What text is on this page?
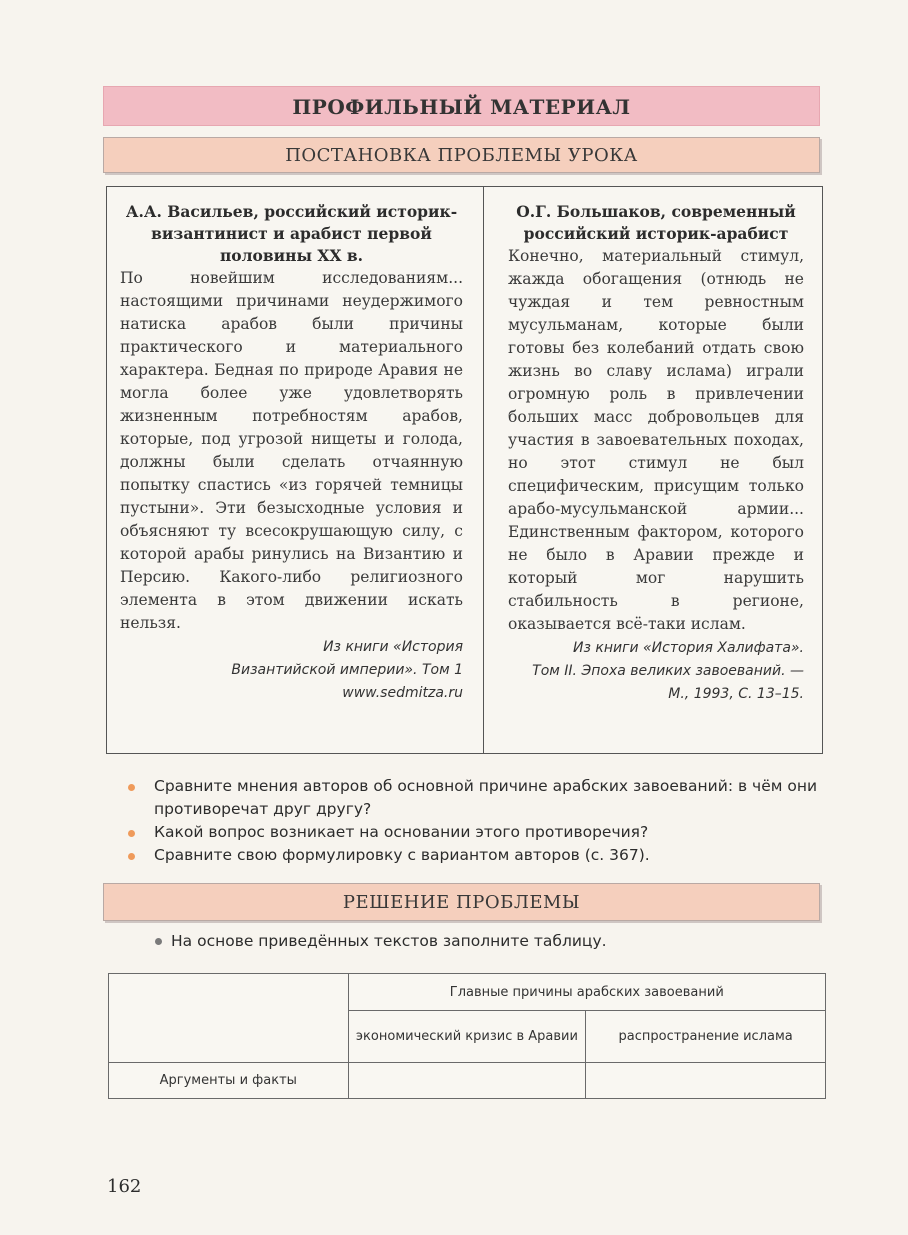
ПРОФИЛЬНЫЙ МАТЕРИАЛ
ПОСТАНОВКА ПРОБЛЕМЫ УРОКА
А.А. Васильев, российский историк-византинист и арабист первой половины XX в.

По новейшим исследованиям... настоящими причинами неудержимого натиска арабов были причины практического и материального характера. Бедная по природе Аравия не могла более уже удовлетворять жизненным потребностям арабов, которые, под угрозой нищеты и голода, должны были сделать отчаянную попытку спастись «из горячей темницы пустыни». Эти безысходные условия и объясняют ту всесокрушающую силу, с которой арабы ринулись на Византию и Персию. Какого-либо религиозного элемента в этом движении искать нельзя.

Из книги «История
Византийской империи». Том 1
www.sedmitza.ru
О.Г. Большаков, современный российский историк-арабист

Конечно, материальный стимул, жажда обогащения (отнюдь не чуждая и тем ревностным мусульманам, которые были готовы без колебаний отдать свою жизнь во славу ислама) играли огромную роль в привлечении больших масс добровольцев для участия в завоевательных походах, но этот стимул не был специфическим, присущим только арабо-мусульманской армии... Единственным фактором, которого не было в Аравии прежде и который мог нарушить стабильность в регионе, оказывается всё-таки ислам.

Из книги «История Халифата».
Том II. Эпоха великих завоеваний. —
М., 1993, С. 13–15.
Сравните мнения авторов об основной причине арабских завоеваний: в чём они противоречат друг другу?
Какой вопрос возникает на основании этого противоречия?
Сравните свою формулировку с вариантом авторов (с. 367).
РЕШЕНИЕ ПРОБЛЕМЫ
На основе приведённых текстов заполните таблицу.
	Главные причины арабских завоеваний	
	экономический кризис в Аравии	распространение ислама
Аргументы и факты		
162
